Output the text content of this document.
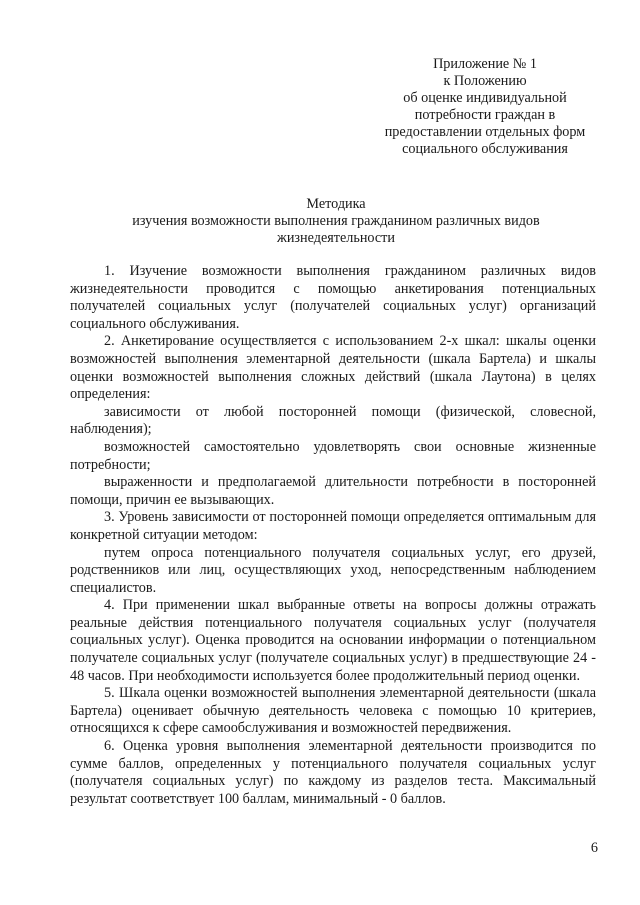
Приложение № 1
к Положению
об оценке индивидуальной
потребности граждан в
предоставлении отдельных форм
социального обслуживания
Методика
изучения возможности выполнения гражданином различных видов
жизнедеятельности

1. Изучение возможности выполнения гражданином различных видов жизнедеятельности проводится с помощью анкетирования потенциальных получателей социальных услуг (получателей социальных услуг) организаций социального обслуживания.

2. Анкетирование осуществляется с использованием 2-х шкал: шкалы оценки возможностей выполнения элементарной деятельности (шкала Бартела) и шкалы оценки возможностей выполнения сложных действий (шкала Лаутона) в целях определения:

зависимости от любой посторонней помощи (физической, словесной, наблюдения);

возможностей самостоятельно удовлетворять свои основные жизненные потребности;

выраженности и предполагаемой длительности потребности в посторонней помощи, причин ее вызывающих.

3. Уровень зависимости от посторонней помощи определяется оптимальным для конкретной ситуации методом:

путем опроса потенциального получателя социальных услуг, его друзей, родственников или лиц, осуществляющих уход, непосредственным наблюдением специалистов.

4. При применении шкал выбранные ответы на вопросы должны отражать реальные действия потенциального получателя социальных услуг (получателя социальных услуг). Оценка проводится на основании информации о потенциальном получателе социальных услуг (получателе социальных услуг) в предшествующие 24 - 48 часов. При необходимости используется более продолжительный период оценки.

5. Шкала оценки возможностей выполнения элементарной деятельности (шкала Бартела) оценивает обычную деятельность человека с помощью 10 критериев, относящихся к сфере самообслуживания и возможностей передвижения.

6. Оценка уровня выполнения элементарной деятельности производится по сумме баллов, определенных у потенциального получателя социальных услуг (получателя социальных услуг) по каждому из разделов теста. Максимальный результат соответствует 100 баллам, минимальный - 0 баллов.

6
